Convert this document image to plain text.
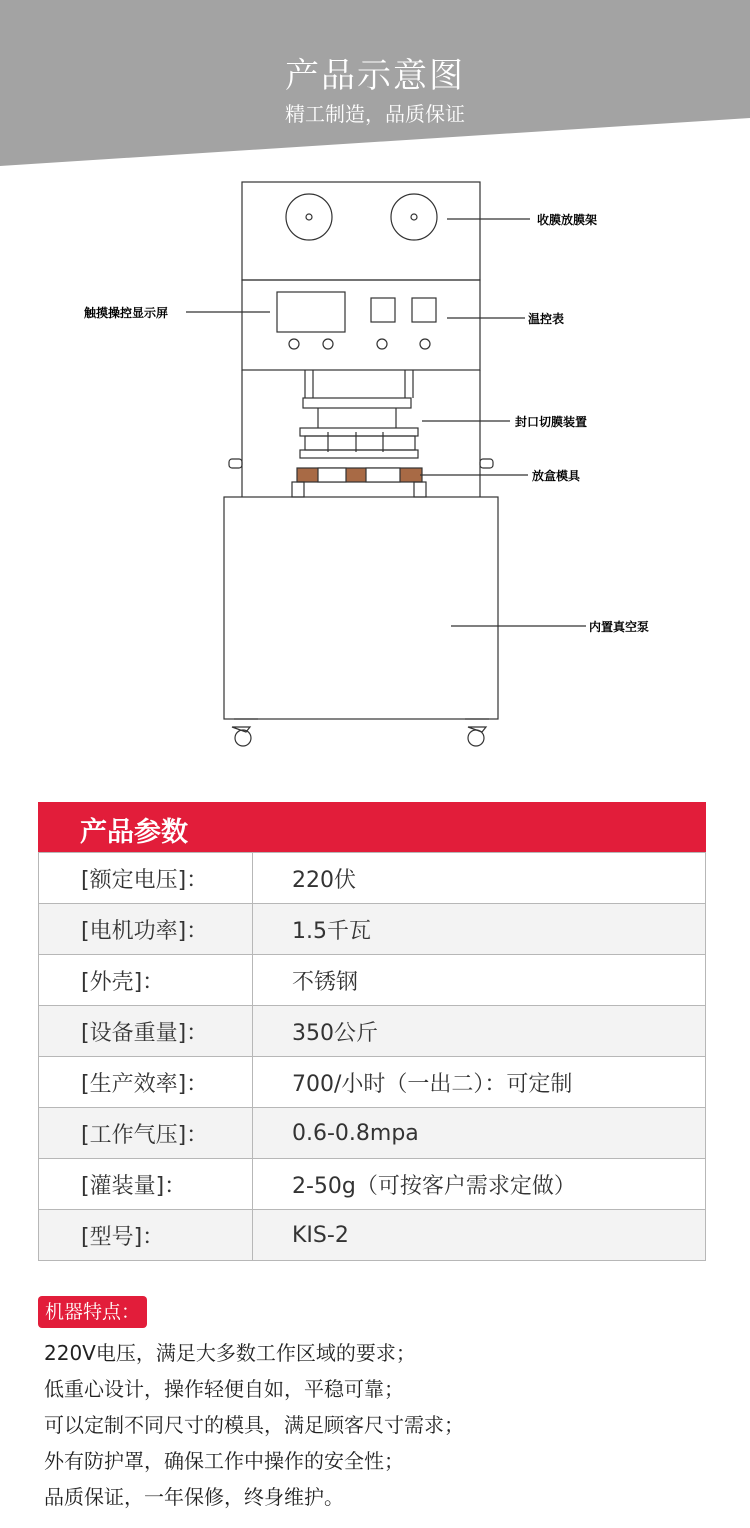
产品示意图
精工制造，品质保证
收膜放膜架
触摸操控显示屏	温控表
封口切膜装置
放盒模具
内置真空泵
产品参数
[额定电压]：	220伏
[电机功率]：	1.5千瓦
[外壳]：	不锈钢
[设备重量]：	350公斤
[生产效率]：	700/小时（一出二）：可定制
[工作气压]：	0.6-0.8mpa
[灌装量]：	2-50g（可按客户需求定做）
[型号]：	KIS-2
机器特点：
220V电压，满足大多数工作区域的要求；
低重心设计，操作轻便自如，平稳可靠；
可以定制不同尺寸的模具，满足顾客尺寸需求；
外有防护罩，确保工作中操作的安全性；
品质保证，一年保修，终身维护。
